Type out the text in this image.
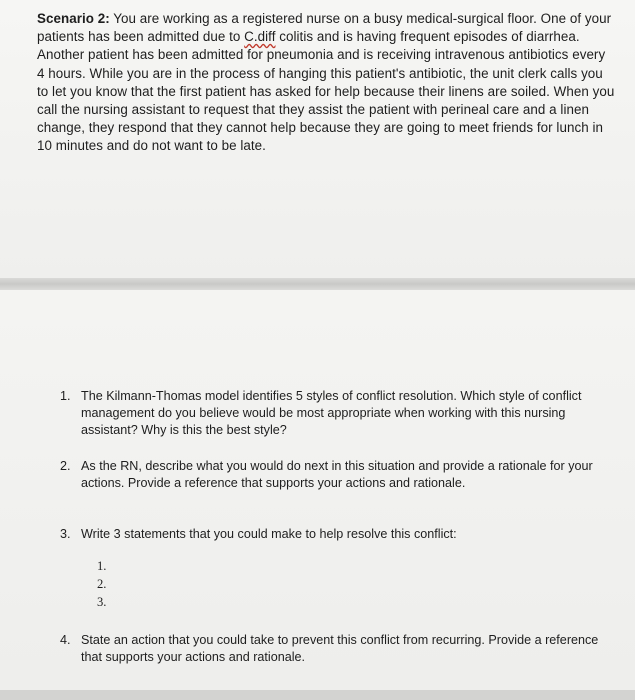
Scenario 2: You are working as a registered nurse on a busy medical-surgical floor. One of your patients has been admitted due to C.diff colitis and is having frequent episodes of diarrhea. Another patient has been admitted for pneumonia and is receiving intravenous antibiotics every 4 hours. While you are in the process of hanging this patient's antibiotic, the unit clerk calls you to let you know that the first patient has asked for help because their linens are soiled. When you call the nursing assistant to request that they assist the patient with perineal care and a linen change, they respond that they cannot help because they are going to meet friends for lunch in 10 minutes and do not want to be late.
1. The Kilmann-Thomas model identifies 5 styles of conflict resolution. Which style of conflict management do you believe would be most appropriate when working with this nursing assistant? Why is this the best style?
2. As the RN, describe what you would do next in this situation and provide a rationale for your actions. Provide a reference that supports your actions and rationale.
3. Write 3 statements that you could make to help resolve this conflict:
1.
2.
3.
4. State an action that you could take to prevent this conflict from recurring. Provide a reference that supports your actions and rationale.
